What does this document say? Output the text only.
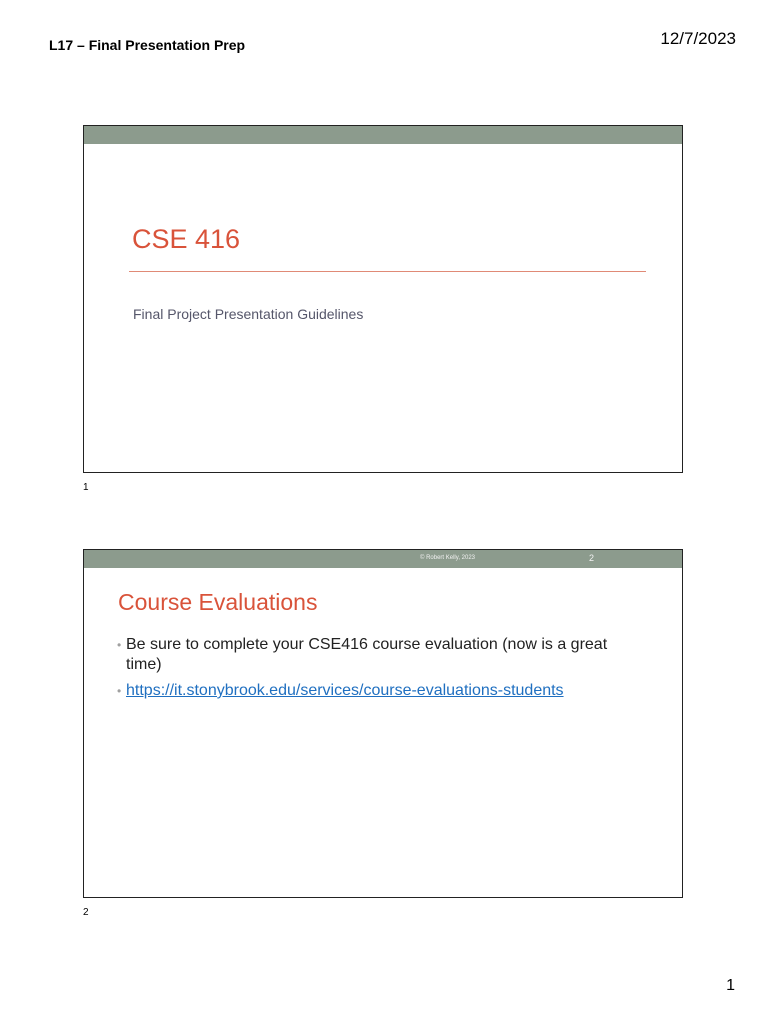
L17 – Final Presentation Prep	12/7/2023
CSE 416
Final Project Presentation Guidelines
1
© Robert Kelly, 2023	2
Course Evaluations
• Be sure to complete your CSE416 course evaluation (now is a great time)
• https://it.stonybrook.edu/services/course-evaluations-students
2
1
